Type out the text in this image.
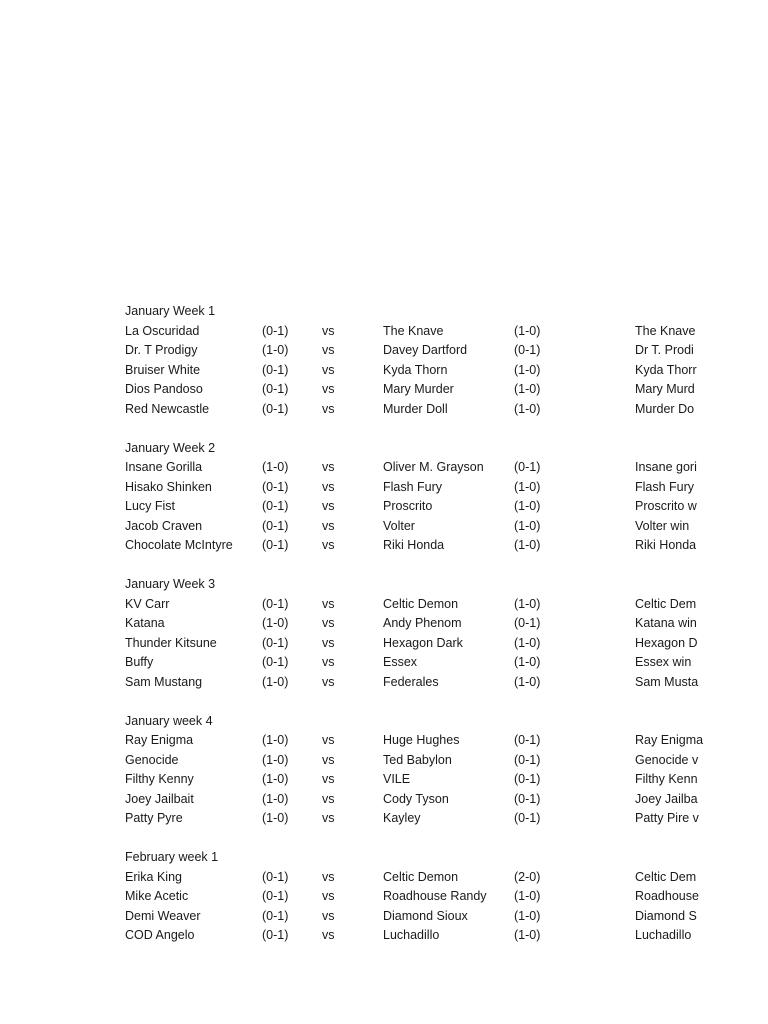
January Week 1
La Oscuridad	(0-1)	vs	The Knave	(1-0)	The Knave
Dr. T Prodigy	(1-0)	vs	Davey Dartford	(0-1)	Dr T. Prodi
Bruiser White	(0-1)	vs	Kyda Thorn	(1-0)	Kyda Thorr
Dios Pandoso	(0-1)	vs	Mary Murder	(1-0)	Mary Murd
Red Newcastle	(0-1)	vs	Murder Doll	(1-0)	Murder Do
January Week 2
Insane Gorilla	(1-0)	vs	Oliver M. Grayson (0-1)	Insane gori
Hisako Shinken	(0-1)	vs	Flash Fury	(1-0)	Flash Fury
Lucy Fist	(0-1)	vs	Proscrito	(1-0)	Proscrito w
Jacob Craven	(0-1)	vs	Volter	(1-0)	Volter win
Chocolate McIntyre	(0-1)	vs	Riki Honda	(1-0)	Riki Honda
January Week 3
KV Carr	(0-1)	vs	Celtic Demon	(1-0)	Celtic Dem
Katana	(1-0)	vs	Andy Phenom	(0-1)	Katana win
Thunder Kitsune	(0-1)	vs	Hexagon Dark	(1-0)	Hexagon D
Buffy	(0-1)	vs	Essex	(1-0)	Essex win
Sam Mustang	(1-0)	vs	Federales	(1-0)	Sam Musta
January week 4
Ray Enigma	(1-0)	vs	Huge Hughes	(0-1)	Ray Enigma
Genocide	(1-0)	vs	Ted Babylon	(0-1)	Genocide v
Filthy Kenny	(1-0)	vs	VILE	(0-1)	Filthy Kenn
Joey Jailbait	(1-0)	vs	Cody Tyson	(0-1)	Joey Jailba
Patty Pyre	(1-0)	vs	Kayley	(0-1)	Patty Pire v
February week 1
Erika King	(0-1)	vs	Celtic Demon	(2-0)	Celtic Dem
Mike Acetic	(0-1)	vs	Roadhouse Randy (1-0)	Roadhouse
Demi Weaver	(0-1)	vs	Diamond Sioux	(1-0)	Diamond S
COD Angelo	(0-1)	vs	Luchadillo	(1-0)	Luchadillo
